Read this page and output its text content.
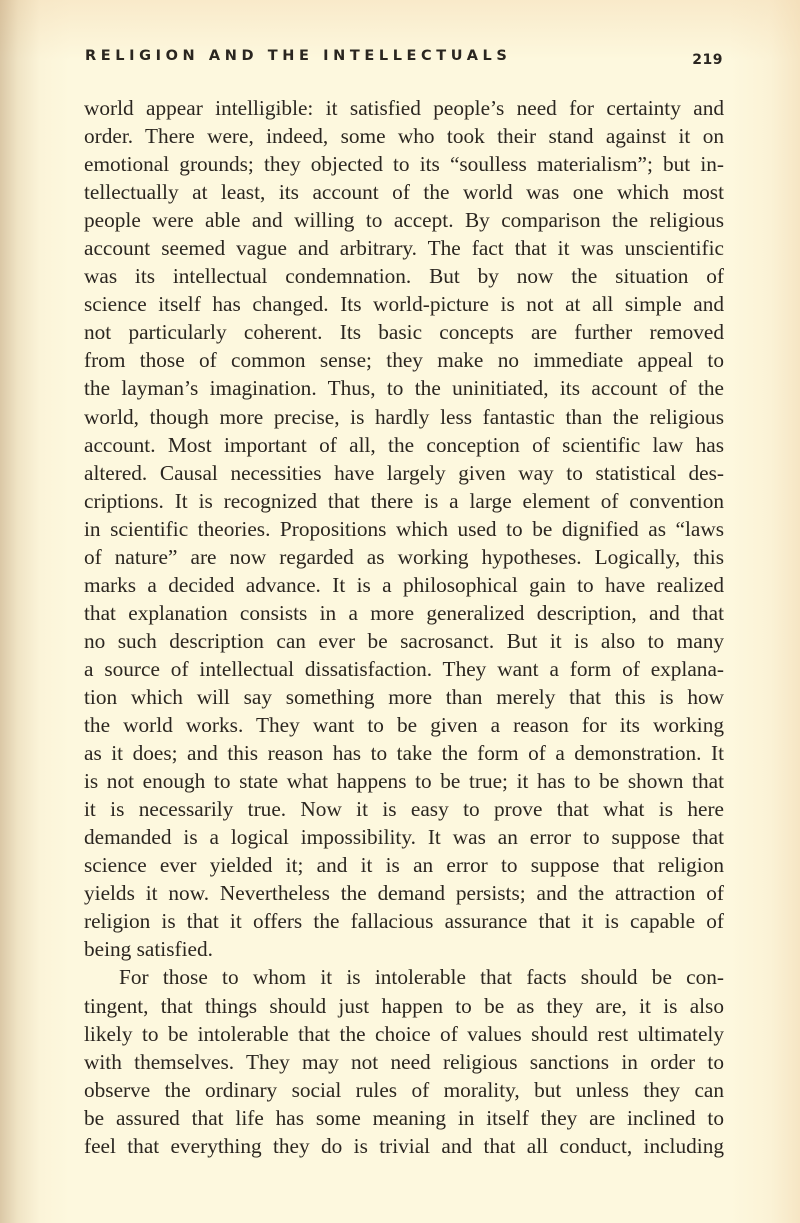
RELIGION AND THE INTELLECTUALS	219
world appear intelligible: it satisfied people’s need for certainty and
order. There were, indeed, some who took their stand against it on
emotional grounds; they objected to its “soulless materialism”; but in-
tellectually at least, its account of the world was one which most
people were able and willing to accept. By comparison the religious
account seemed vague and arbitrary. The fact that it was unscientific
was its intellectual condemnation. But by now the situation of
science itself has changed. Its world-picture is not at all simple and
not particularly coherent. Its basic concepts are further removed
from those of common sense; they make no immediate appeal to
the layman’s imagination. Thus, to the uninitiated, its account of the
world, though more precise, is hardly less fantastic than the religious
account. Most important of all, the conception of scientific law has
altered. Causal necessities have largely given way to statistical des-
criptions. It is recognized that there is a large element of convention
in scientific theories. Propositions which used to be dignified as “laws
of nature” are now regarded as working hypotheses. Logically, this
marks a decided advance. It is a philosophical gain to have realized
that explanation consists in a more generalized description, and that
no such description can ever be sacrosanct. But it is also to many
a source of intellectual dissatisfaction. They want a form of explana-
tion which will say something more than merely that this is how
the world works. They want to be given a reason for its working
as it does; and this reason has to take the form of a demonstration. It
is not enough to state what happens to be true; it has to be shown that
it is necessarily true. Now it is easy to prove that what is here
demanded is a logical impossibility. It was an error to suppose that
science ever yielded it; and it is an error to suppose that religion
yields it now. Nevertheless the demand persists; and the attraction of
religion is that it offers the fallacious assurance that it is capable of
being satisfied.
For those to whom it is intolerable that facts should be con-
tingent, that things should just happen to be as they are, it is also
likely to be intolerable that the choice of values should rest ultimately
with themselves. They may not need religious sanctions in order to
observe the ordinary social rules of morality, but unless they can
be assured that life has some meaning in itself they are inclined to
feel that everything they do is trivial and that all conduct, including
